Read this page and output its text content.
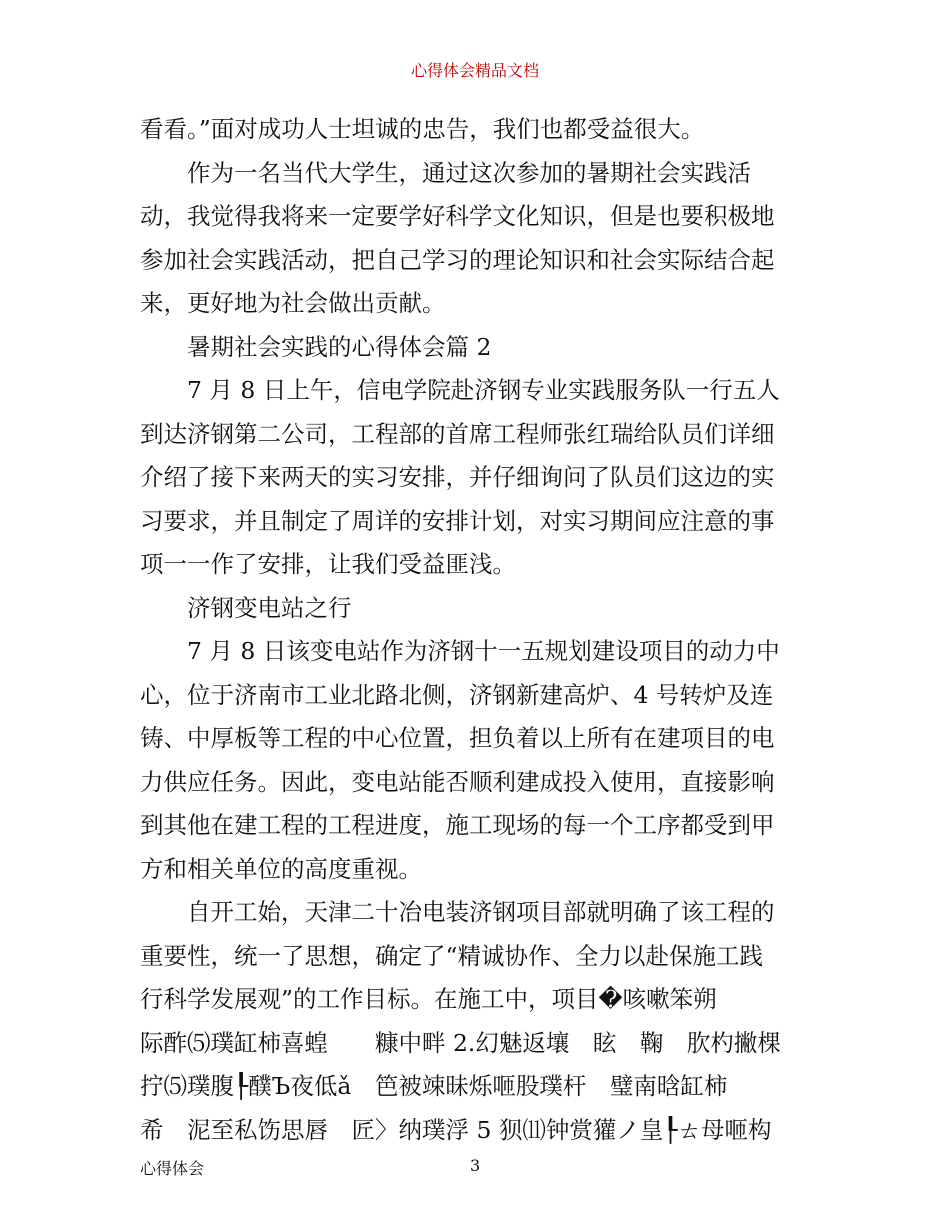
心得体会精品文档
看看。”面对成功人士坦诚的忠告，我们也都受益很大。
　　作为一名当代大学生，通过这次参加的暑期社会实践活
动，我觉得我将来一定要学好科学文化知识，但是也要积极地
参加社会实践活动，把自己学习的理论知识和社会实际结合起
来，更好地为社会做出贡献。
　　暑期社会实践的心得体会篇 2
　　7 月 8 日上午，信电学院赴济钢专业实践服务队一行五人
到达济钢第二公司，工程部的首席工程师张红瑞给队员们详细
介绍了接下来两天的实习安排，并仔细询问了队员们这边的实
习要求，并且制定了周详的安排计划，对实习期间应注意的事
项一一作了安排，让我们受益匪浅。
　　济钢变电站之行
　　7 月 8 日该变电站作为济钢十一五规划建设项目的动力中
心，位于济南市工业北路北侧，济钢新建高炉、4 号转炉及连
铸、中厚板等工程的中心位置，担负着以上所有在建项目的电
力供应任务。因此，变电站能否顺利建成投入使用，直接影响
到其他在建工程的工程进度，施工现场的每一个工序都受到甲
方和相关单位的高度重视。
　　自开工始，天津二十冶电装济钢项目部就明确了该工程的
重要性，统一了思想，确定了“精诚协作、全力以赴保施工践
行科学发展观”的工作目标。在施工中，项目�咳嗽笨朔
际酢⑸璞缸柿喜蝗　　糠中畔 2.幻魅返壤　眩　鞠　肷杓撇棵
拧⑸璞腹┞醭Ъ夜低ǎ　笆被竦昧烁咂股璞杆　璧南晗缸柿
希　泥至私饬思唇　匠〉纳璞浮 5 狈⑾钟赏獾ノ皇┞ㄊ母咂构
心得体会	3
